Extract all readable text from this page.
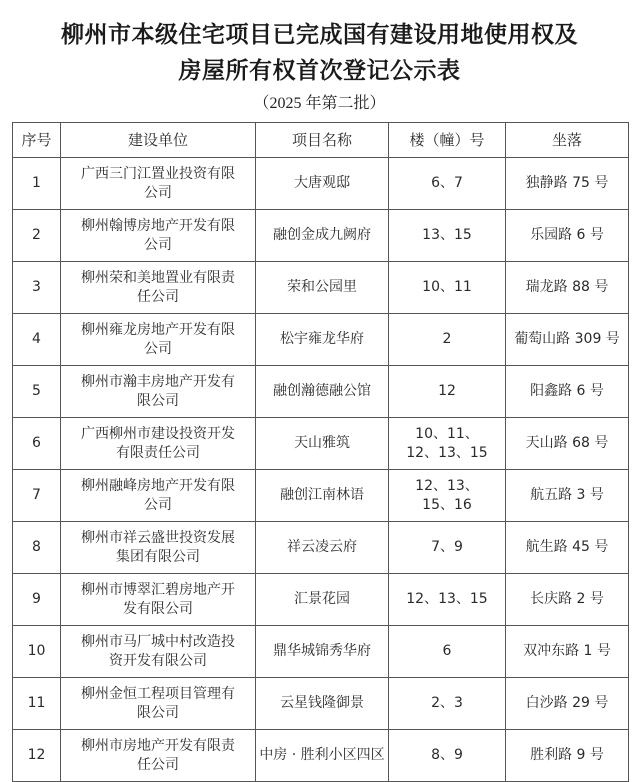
柳州市本级住宅项目已完成国有建设用地使用权及
房屋所有权首次登记公示表
（2025 年第二批）
序号	建设单位	项目名称	楼（幢）号	坐落
1	广西三门江置业投资有限公司	大唐观邸	6、7	独静路 75 号
2	柳州翰博房地产开发有限公司	融创金成九阙府	13、15	乐园路 6 号
3	柳州荣和美地置业有限责任公司	荣和公园里	10、11	瑞龙路 88 号
4	柳州雍龙房地产开发有限公司	松宇雍龙华府	2	葡萄山路 309 号
5	柳州市瀚丰房地产开发有限公司	融创瀚德融公馆	12	阳鑫路 6 号
6	广西柳州市建设投资开发有限责任公司	天山雅筑	10、11、12、13、15	天山路 68 号
7	柳州融峰房地产开发有限公司	融创江南林语	12、13、15、16	航五路 3 号
8	柳州市祥云盛世投资发展集团有限公司	祥云凌云府	7、9	航生路 45 号
9	柳州市博翠汇碧房地产开发有限公司	汇景花园	12、13、15	长庆路 2 号
10	柳州市马厂城中村改造投资开发有限公司	鼎华城锦秀华府	6	双冲东路 1 号
11	柳州金恒工程项目管理有限公司	云星钱隆御景	2、3	白沙路 29 号
12	柳州市房地产开发有限责任公司	中房 · 胜利小区四区	8、9	胜利路 9 号
